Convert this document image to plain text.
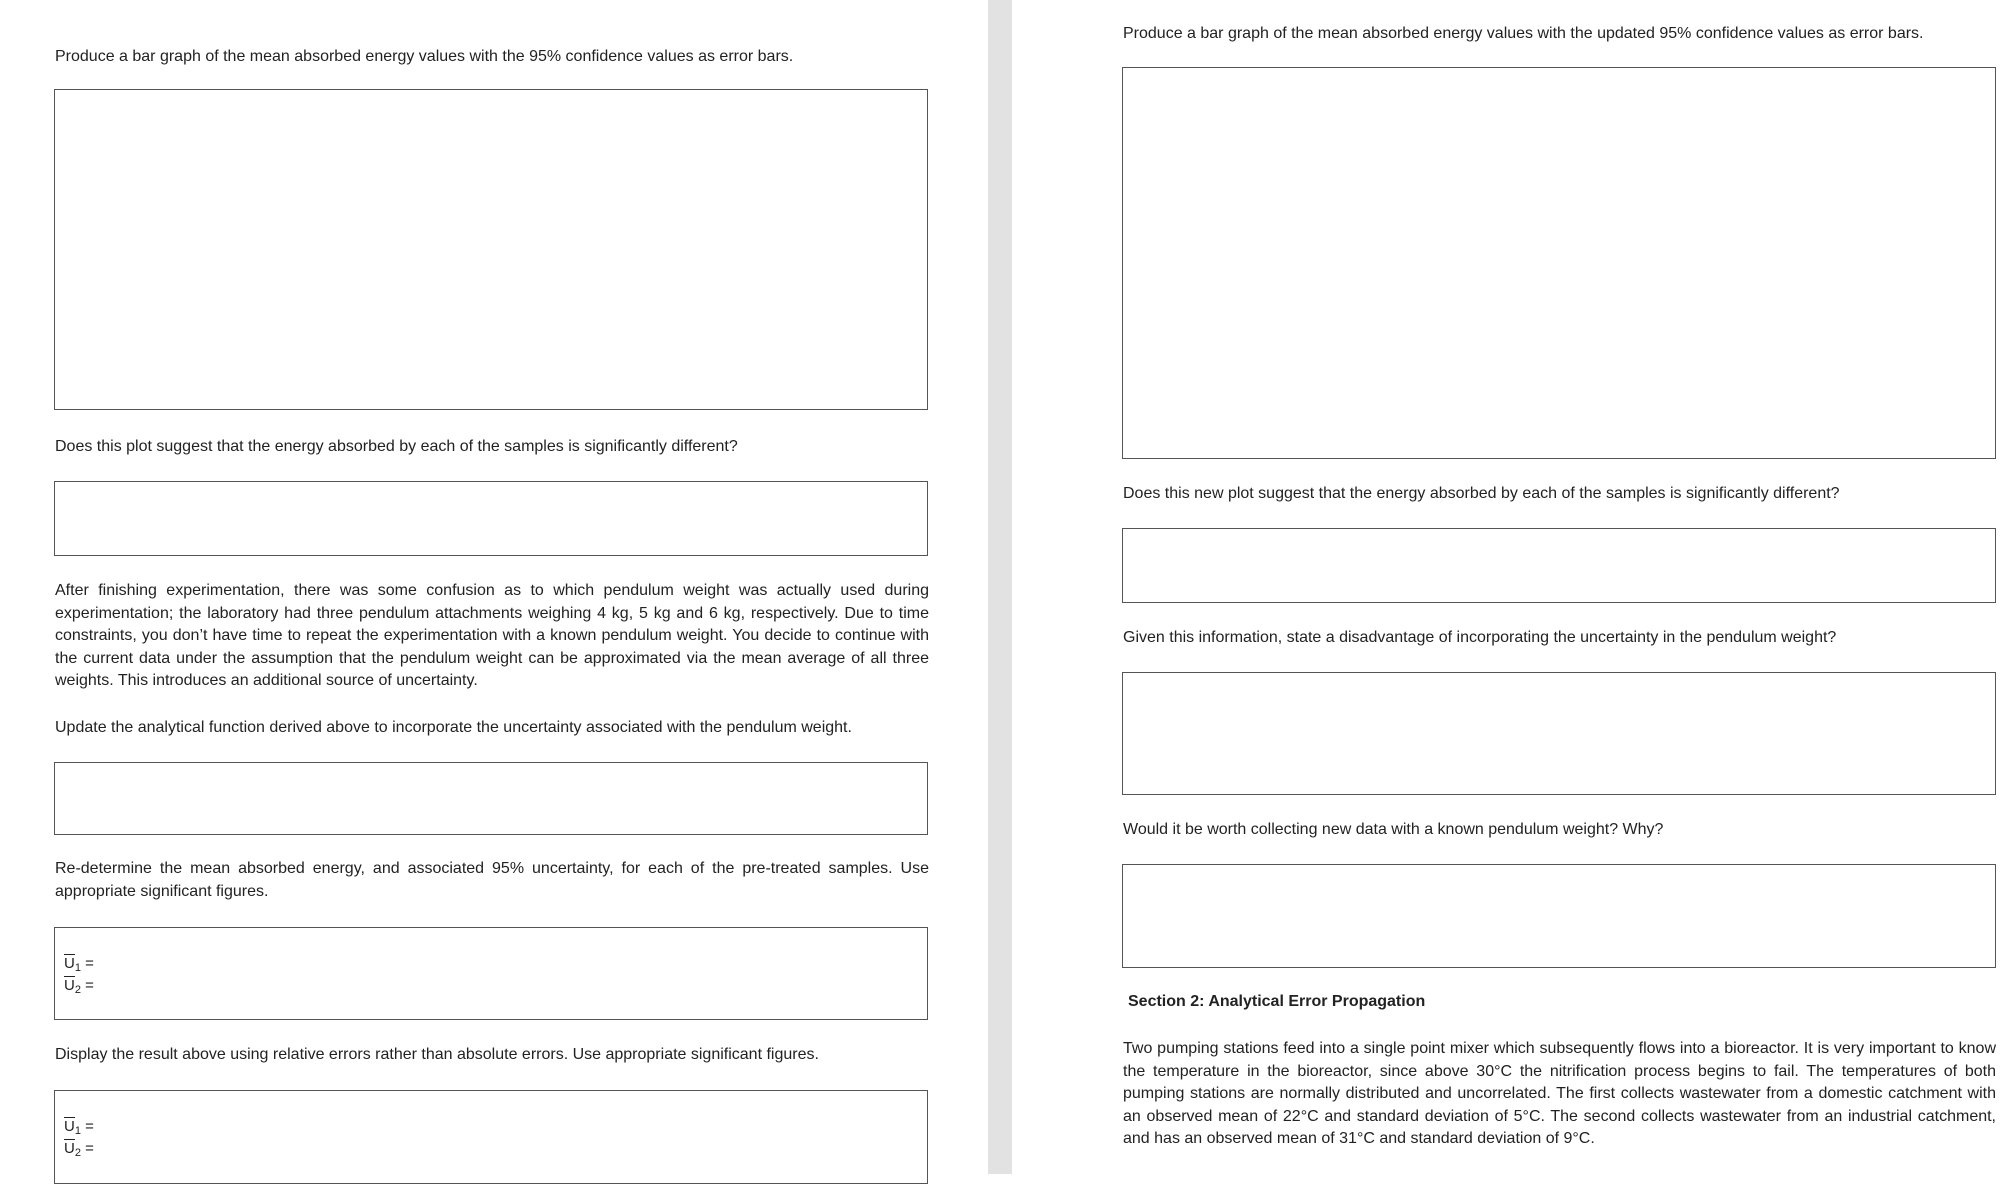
Produce a bar graph of the mean absorbed energy values with the 95% confidence values as error bars.

Does this plot suggest that the energy absorbed by each of the samples is significantly different?

After finishing experimentation, there was some confusion as to which pendulum weight was actually used during experimentation; the laboratory had three pendulum attachments weighing 4 kg, 5 kg and 6 kg, respectively. Due to time constraints, you don’t have time to repeat the experimentation with a known pendulum weight. You decide to continue with the current data under the assumption that the pendulum weight can be approximated via the mean average of all three weights. This introduces an additional source of uncertainty.

Update the analytical function derived above to incorporate the uncertainty associated with the pendulum weight.

Re-determine the mean absorbed energy, and associated 95% uncertainty, for each of the pre-treated samples. Use appropriate significant figures.

$U_1$ =
$U_2$ =

Display the result above using relative errors rather than absolute errors. Use appropriate significant figures.

$U_1$ =
$U_2$ =

Produce a bar graph of the mean absorbed energy values with the updated 95% confidence values as error bars.

Does this new plot suggest that the energy absorbed by each of the samples is significantly different?

Given this information, state a disadvantage of incorporating the uncertainty in the pendulum weight?

Would it be worth collecting new data with a known pendulum weight? Why?

Section 2: Analytical Error Propagation

Two pumping stations feed into a single point mixer which subsequently flows into a bioreactor. It is very important to know the temperature in the bioreactor, since above 30°C the nitrification process begins to fail. The temperatures of both pumping stations are normally distributed and uncorrelated. The first collects wastewater from a domestic catchment with an observed mean of 22°C and standard deviation of 5°C. The second collects wastewater from an industrial catchment, and has an observed mean of 31°C and standard deviation of 9°C.
